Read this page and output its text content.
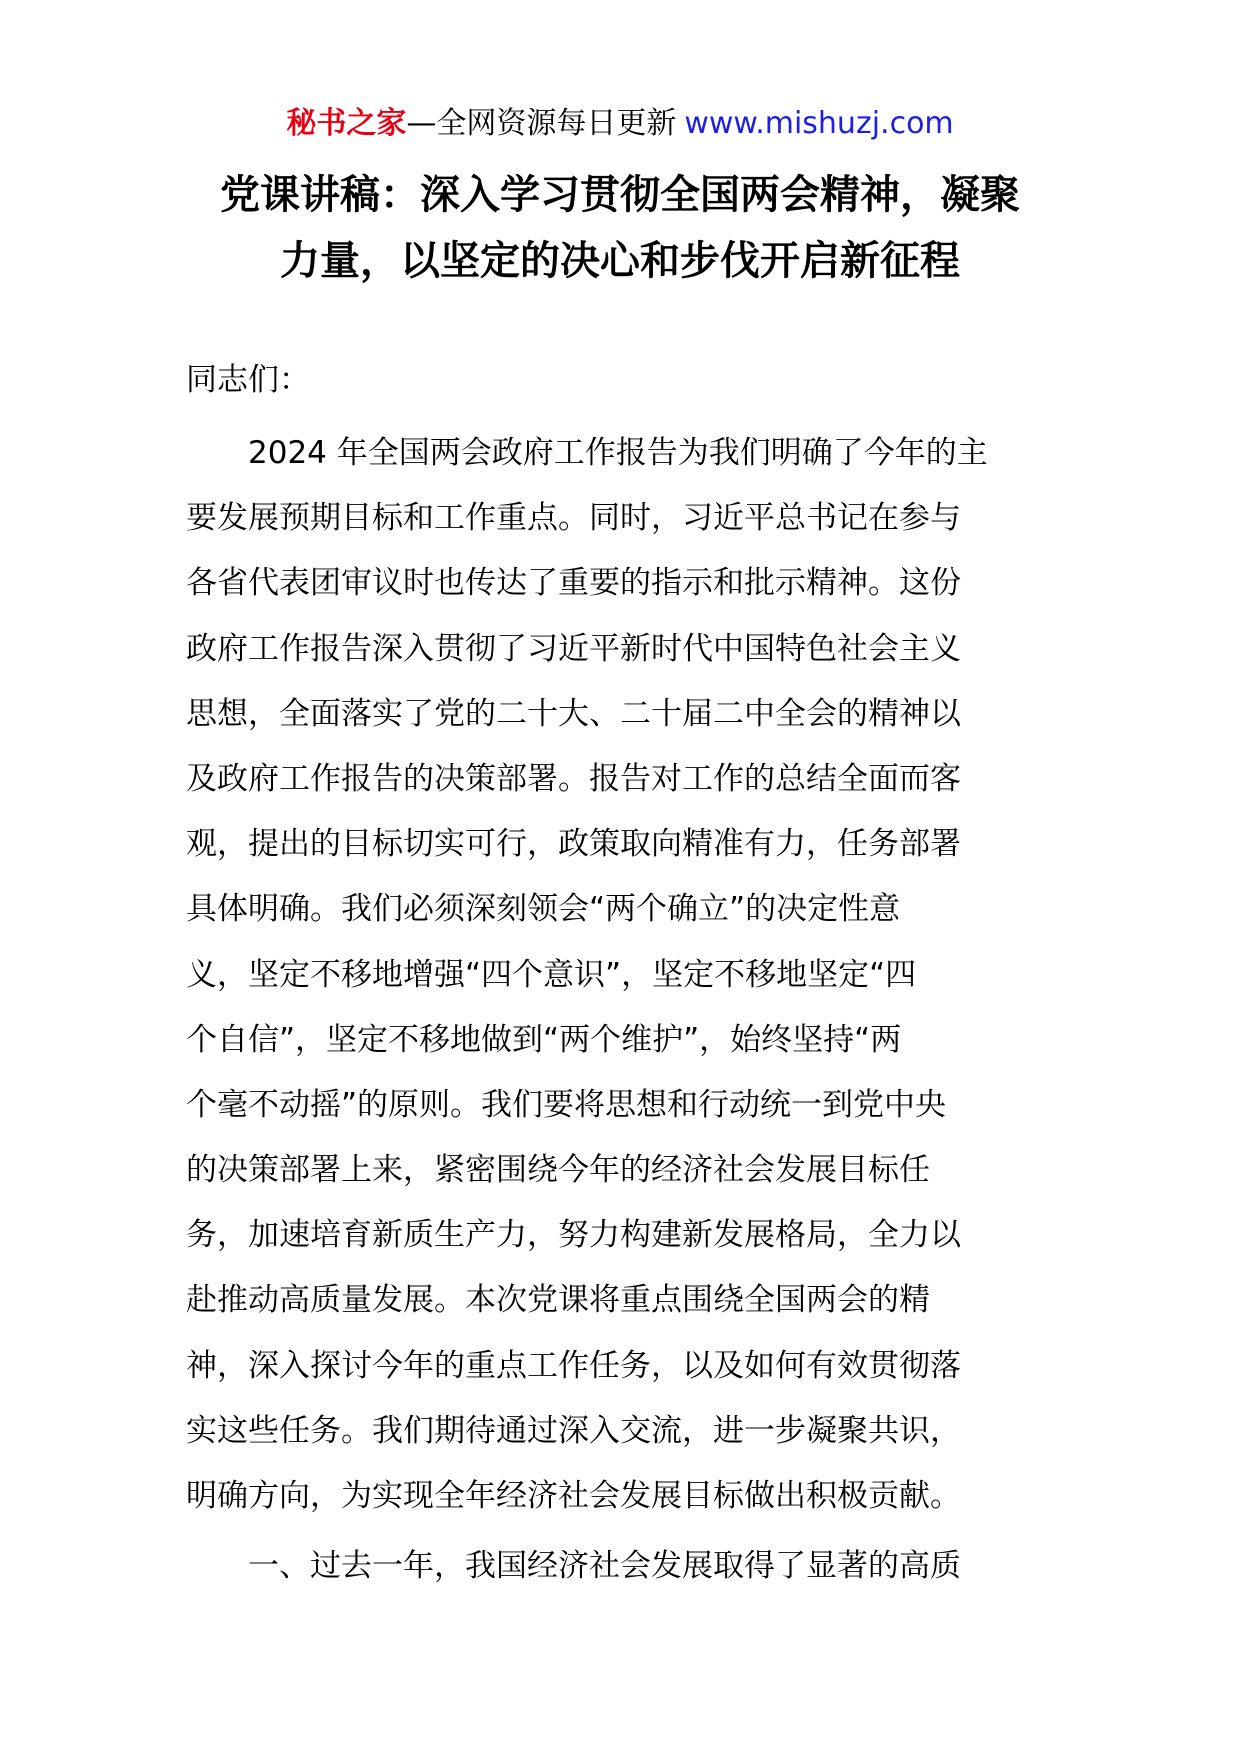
秘书之家—全网资源每日更新 www.mishuzj.com
党课讲稿：深入学习贯彻全国两会精神，凝聚
力量，以坚定的决心和步伐开启新征程

同志们：

　　2024 年全国两会政府工作报告为我们明确了今年的主
要发展预期目标和工作重点。同时，习近平总书记在参与
各省代表团审议时也传达了重要的指示和批示精神。这份
政府工作报告深入贯彻了习近平新时代中国特色社会主义
思想，全面落实了党的二十大、二十届二中全会的精神以
及政府工作报告的决策部署。报告对工作的总结全面而客
观，提出的目标切实可行，政策取向精准有力，任务部署
具体明确。我们必须深刻领会“两个确立”的决定性意
义，坚定不移地增强“四个意识”，坚定不移地坚定“四
个自信”，坚定不移地做到“两个维护”，始终坚持“两
个毫不动摇”的原则。我们要将思想和行动统一到党中央
的决策部署上来，紧密围绕今年的经济社会发展目标任
务，加速培育新质生产力，努力构建新发展格局，全力以
赴推动高质量发展。本次党课将重点围绕全国两会的精
神，深入探讨今年的重点工作任务，以及如何有效贯彻落
实这些任务。我们期待通过深入交流，进一步凝聚共识，
明确方向，为实现全年经济社会发展目标做出积极贡献。

　　一、过去一年，我国经济社会发展取得了显著的高质
